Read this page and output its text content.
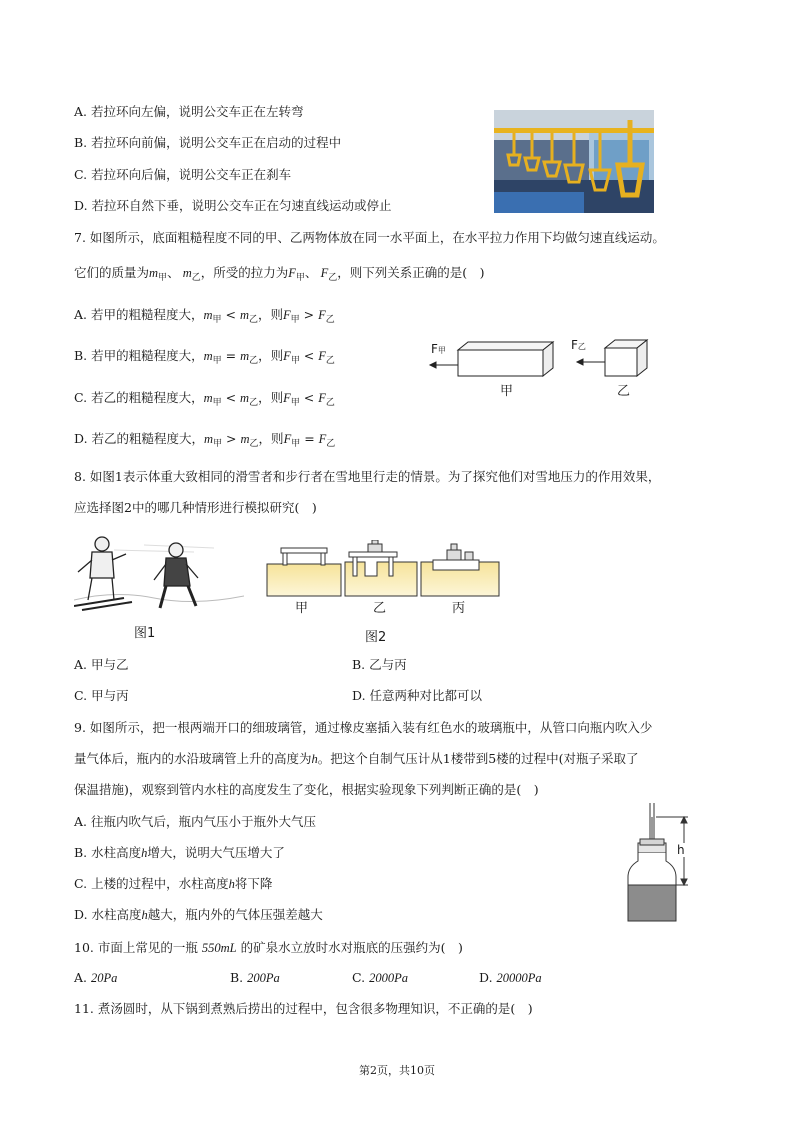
A. 若拉环向左偏，说明公交车正在左转弯
B. 若拉环向前偏，说明公交车正在启动的过程中
C. 若拉环向后偏，说明公交车正在刹车
D. 若拉环自然下垂，说明公交车正在匀速直线运动或停止
7. 如图所示，底面粗糙程度不同的甲、乙两物体放在同一水平面上，在水平拉力作用下均做匀速直线运动。
它们的质量为$m_甲$、 $m_乙$，所受的拉力为$F_甲$、 $F_乙$，则下列关系正确的是(　)
A. 若甲的粗糙程度大，$m_甲 < m_乙$，则$F_甲 > F_乙$
B. 若甲的粗糙程度大，$m_甲 = m_乙$，则$F_甲 < F_乙$
C. 若乙的粗糙程度大，$m_甲 < m_乙$，则$F_甲 < F_乙$
D. 若乙的粗糙程度大，$m_甲 > m_乙$，则$F_甲 = F_乙$
F甲
甲
F乙
乙
8. 如图1表示体重大致相同的滑雪者和步行者在雪地里行走的情景。为了探究他们对雪地压力的作用效果，
应选择图2中的哪几种情形进行模拟研究(　)
图1
甲	乙	丙
图2
A. 甲与乙	B. 乙与丙
C. 甲与丙	D. 任意两种对比都可以
9. 如图所示，把一根两端开口的细玻璃管，通过橡皮塞插入装有红色水的玻璃瓶中，从管口向瓶内吹入少
量气体后，瓶内的水沿玻璃管上升的高度为h。把这个自制气压计从1楼带到5楼的过程中(对瓶子采取了
保温措施)，观察到管内水柱的高度发生了变化，根据实验现象下列判断正确的是(　)
A. 往瓶内吹气后，瓶内气压小于瓶外大气压
B. 水柱高度h增大，说明大气压增大了
C. 上楼的过程中，水柱高度h将下降
D. 水柱高度h越大，瓶内外的气体压强差越大
h
10. 市面上常见的一瓶 550mL 的矿泉水立放时水对瓶底的压强约为(　)
A. 20Pa	B. 200Pa	C. 2000Pa	D. 20000Pa
11. 煮汤圆时，从下锅到煮熟后捞出的过程中，包含很多物理知识，不正确的是(　)
第2页，共10页
